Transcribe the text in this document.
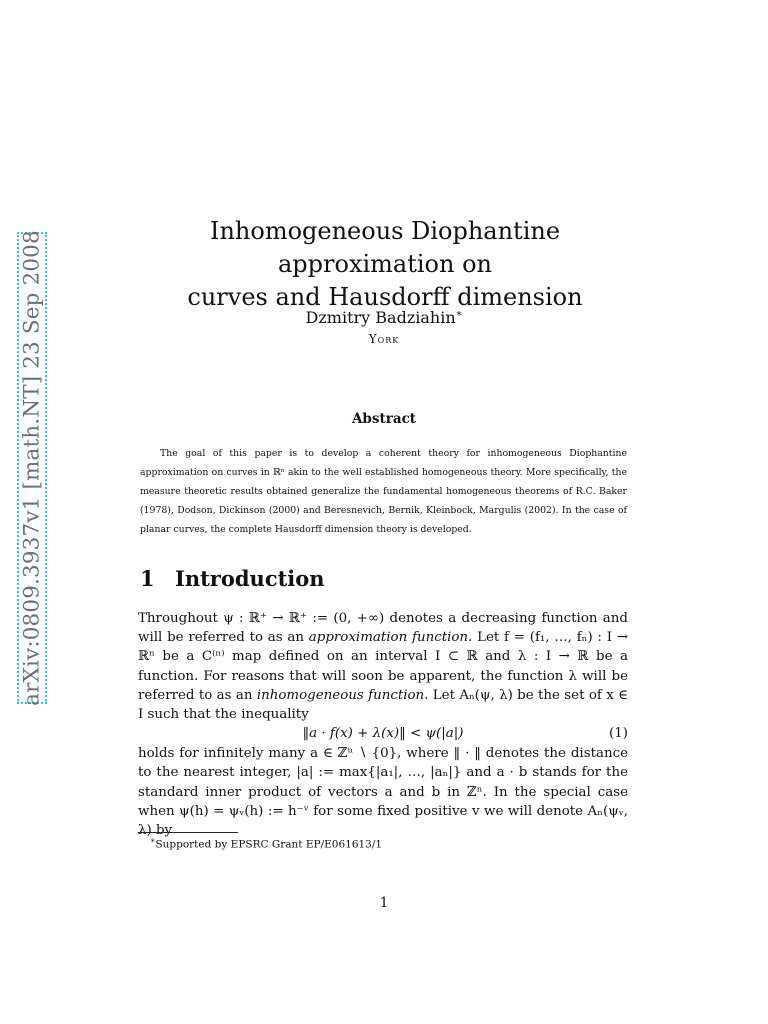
arXiv:0809.3937v1 [math.NT] 23 Sep 2008	Inhomogeneous Diophantine approximation on
curves and Hausdorff dimension
Dzmitry Badziahin∗
York
Abstract
The goal of this paper is to develop a coherent theory for inhomogeneous Diophantine approximation on curves in ℝⁿ akin to the well established homogeneous theory. More specifically, the measure theoretic results obtained generalize the fundamental homogeneous theorems of R.C. Baker (1978), Dodson, Dickinson (2000) and Beresnevich, Bernik, Kleinbock, Margulis (2002). In the case of planar curves, the complete Hausdorff dimension theory is developed.
1 Introduction

Throughout ψ : ℝ⁺ → ℝ⁺ := (0, +∞) denotes a decreasing function and will be referred to as an approximation function. Let f = (f₁, …, fₙ) : I → ℝⁿ be a C⁽ⁿ⁾ map defined on an interval I ⊂ ℝ and λ : I → ℝ be a function. For reasons that will soon be apparent, the function λ will be referred to as an inhomogeneous function. Let Aₙ(ψ, λ) be the set of x ∈ I such that the inequality

‖a · f(x) + λ(x)‖ < ψ(|a|)	(1)

holds for infinitely many a ∈ ℤⁿ ∖ {0}, where ‖ · ‖ denotes the distance to the nearest integer, |a| := max{|a₁|, …, |aₙ|} and a · b stands for the standard inner product of vectors a and b in ℤⁿ. In the special case when ψ(h) = ψᵥ(h) := h⁻ᵛ for some fixed positive v we will denote Aₙ(ψᵥ, λ) by

∗Supported by EPSRC Grant EP/E061613/1
1
